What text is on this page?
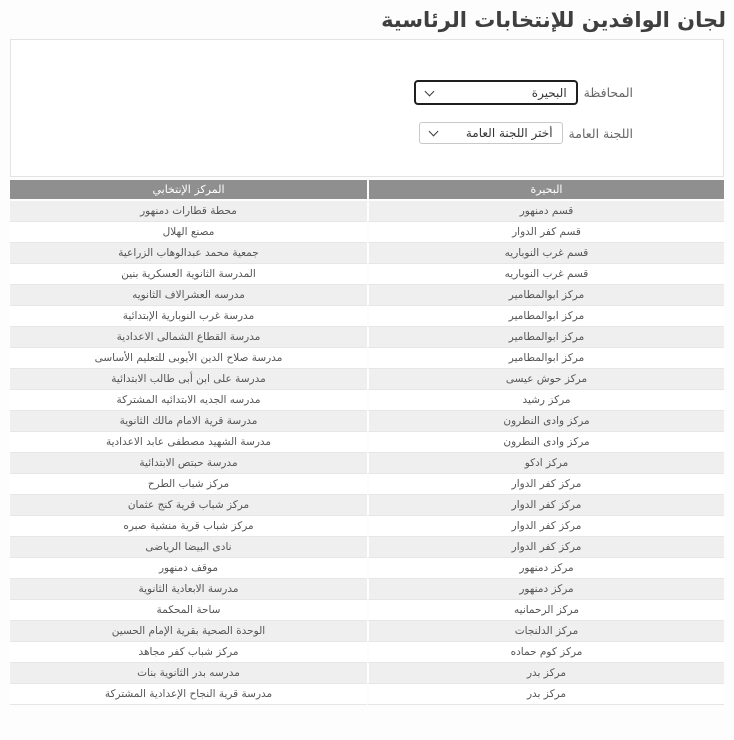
لجان الوافدين للإنتخابات الرئاسية
المحافظة
البحيرة
اللجنة العامة
أختر اللجنة العامة
البحيرة	المركز الإنتخابي
قسم دمنهور	محطة قطارات دمنهور
قسم كفر الدوار	مصنع الهلال
قسم غرب النوباريه	جمعية محمد عبدالوهاب الزراعية
قسم غرب النوباريه	المدرسة الثانوية العسكرية بنين
مركز ابوالمطامير	مدرسه العشرالاف الثانويه
مركز ابوالمطامير	مدرسة غرب النوبارية الإبتدائية
مركز ابوالمطامير	مدرسة القطاع الشمالى الاعدادية
مركز ابوالمطامير	مدرسة صلاح الدين الأيوبى للتعليم الأساسى
مركز حوش عيسى	مدرسة على ابن أبى طالب الابتدائية
مركز رشيد	مدرسه الجديه الابتدائيه المشتركة
مركز وادى النطرون	مدرسة قرية الامام مالك الثانوية
مركز وادى النطرون	مدرسة الشهيد مصطفى عابد الاعدادية
مركز ادكو	مدرسة حبتص الابتدائية
مركز كفر الدوار	مركز شباب الطرح
مركز كفر الدوار	مركز شباب قرية كنج عثمان
مركز كفر الدوار	مركز شباب قرية منشية صبره
مركز كفر الدوار	نادى البيضا الرياضى
مركز دمنهور	موقف دمنهور
مركز دمنهور	مدرسة الابعادية الثانوية
مركز الرحمانيه	ساحة المحكمة
مركز الدلنجات	الوحدة الصحية بقرية الإمام الحسين
مركز كوم حماده	مركز شباب كفر مجاهد
مركز بدر	مدرسه بدر الثانوية بنات
مركز بدر	مدرسة قرية النجاح الإعدادية المشتركة
